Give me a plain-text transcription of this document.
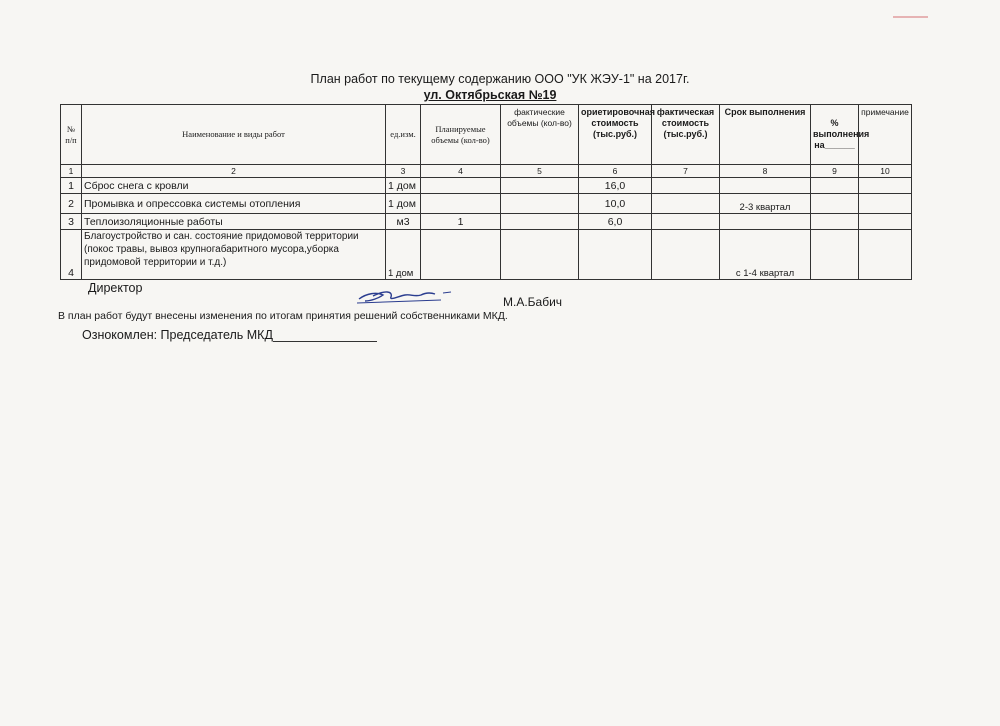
План работ по текущему содержанию ООО "УК ЖЭУ-1" на 2017г.
ул. Октябрьская №19
№ п/п	Наименование и виды работ	ед.изм.	Планируемые объемы (кол-во)	фактические объемы (кол-во)	ориетировочная стоимость (тыс.руб.)	фактическая стоимость (тыс.руб.)	Срок выполнения	% выполнения на______	примечание
1	2	3	4	5	6	7	8	9	10
1	Сброс снега с кровли	1 дом			16,0				
2	Промывка и опрессовка системы отопления	1 дом			10,0		2-3 квартал		
3	Теплоизоляционные работы	м3	1		6,0				
4	Благоустройство и сан. состояние придомовой территории (покос травы, вывоз крупногабаритного мусора,уборка придомовой территории и т.д.)	1 дом					с 1-4 квартал		
Директор
М.А.Бабич
В план работ будут внесены изменения по итогам принятия решений собственниками МКД.
Ознокомлен: Председатель МКД
